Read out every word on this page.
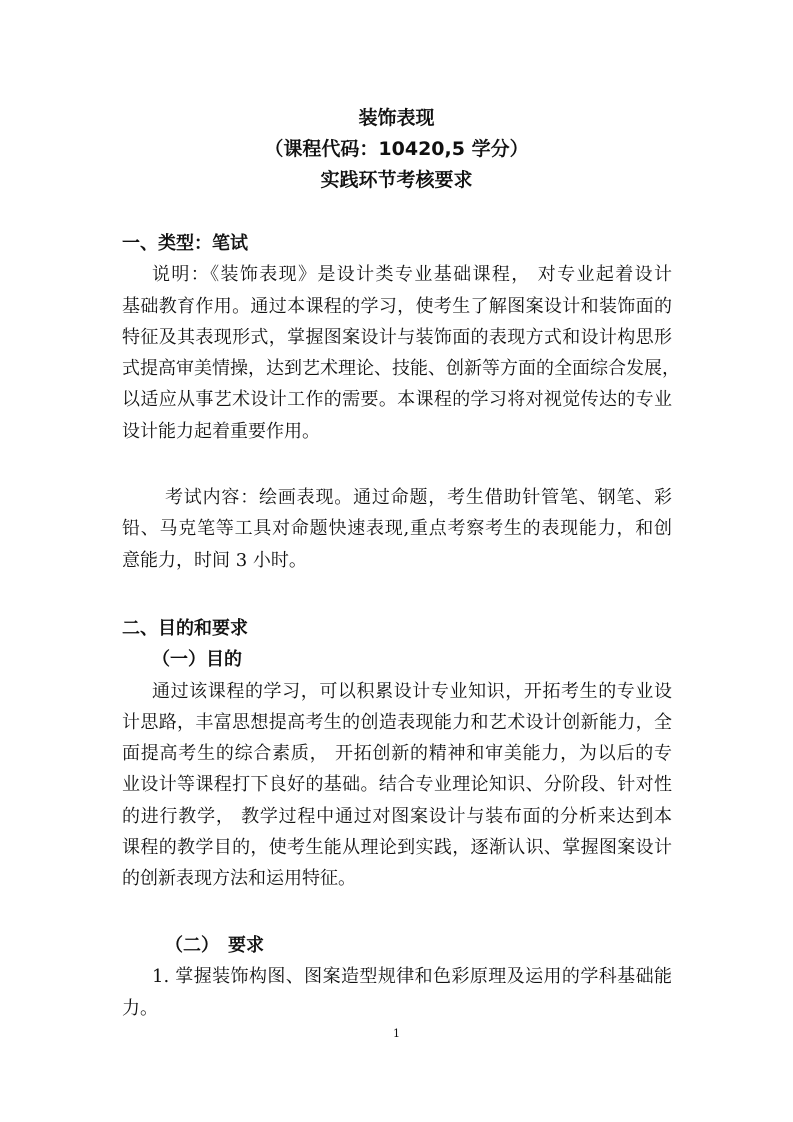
装饰表现
（课程代码：10420,5 学分）
实践环节考核要求
一、类型：笔试
说明：《装饰表现》是设计类专业基础课程， 对专业起着设计
基础教育作用。通过本课程的学习，使考生了解图案设计和装饰面的
特征及其表现形式，掌握图案设计与装饰面的表现方式和设计构思形
式提高审美情操，达到艺术理论、技能、创新等方面的全面综合发展，
以适应从事艺术设计工作的需要。本课程的学习将对视觉传达的专业
设计能力起着重要作用。
考试内容：绘画表现。通过命题，考生借助针管笔、钢笔、彩
铅、马克笔等工具对命题快速表现,重点考察考生的表现能力，和创
意能力，时间 3 小时。
二、目的和要求
（一）目的
通过该课程的学习，可以积累设计专业知识，开拓考生的专业设
计思路，丰富思想提高考生的创造表现能力和艺术设计创新能力，全
面提高考生的综合素质， 开拓创新的精神和审美能力，为以后的专
业设计等课程打下良好的基础。结合专业理论知识、分阶段、针对性
的进行教学， 教学过程中通过对图案设计与装布面的分析来达到本
课程的教学目的，使考生能从理论到实践，逐渐认识、掌握图案设计
的创新表现方法和运用特征。
（二）　要求
1. 掌握装饰构图、图案造型规律和色彩原理及运用的学科基础能
力。
1
